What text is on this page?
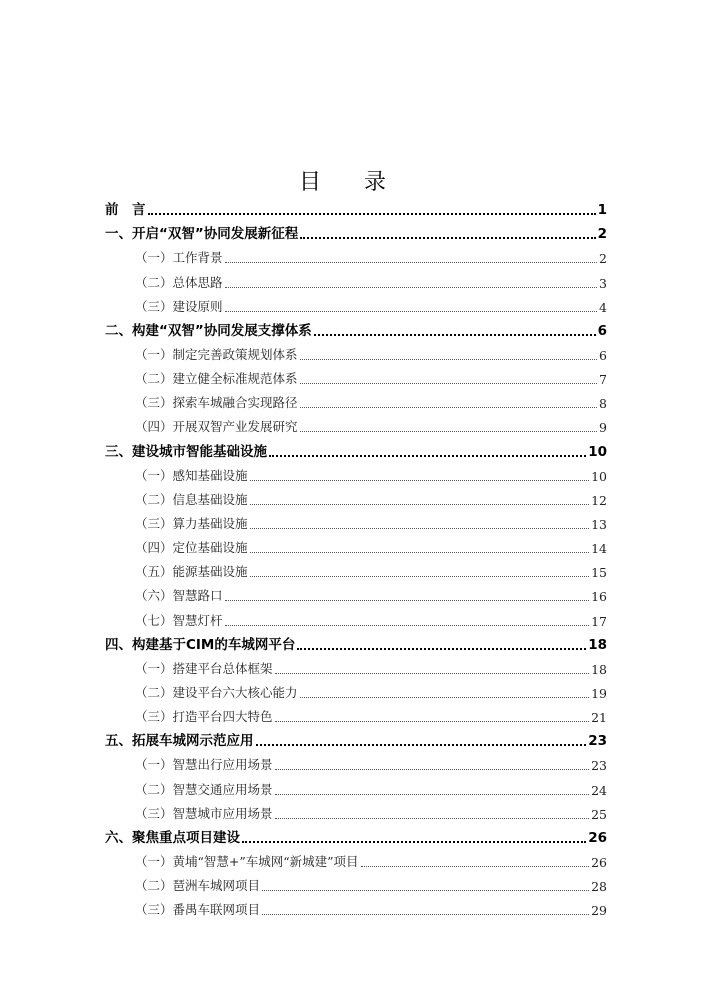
目 录
前　言	1
一、开启“双智”协同发展新征程	2
（一）工作背景	2
（二）总体思路	3
（三）建设原则	4
二、构建“双智”协同发展支撑体系	6
（一）制定完善政策规划体系	6
（二）建立健全标准规范体系	7
（三）探索车城融合实现路径	8
（四）开展双智产业发展研究	9
三、建设城市智能基础设施	10
（一）感知基础设施	10
（二）信息基础设施	12
（三）算力基础设施	13
（四）定位基础设施	14
（五）能源基础设施	15
（六）智慧路口	16
（七）智慧灯杆	17
四、构建基于CIM的车城网平台	18
（一）搭建平台总体框架	18
（二）建设平台六大核心能力	19
（三）打造平台四大特色	21
五、拓展车城网示范应用	23
（一）智慧出行应用场景	23
（二）智慧交通应用场景	24
（三）智慧城市应用场景	25
六、聚焦重点项目建设	26
（一）黄埔“智慧+”车城网“新城建”项目	26
（二）琶洲车城网项目	28
（三）番禺车联网项目	29
